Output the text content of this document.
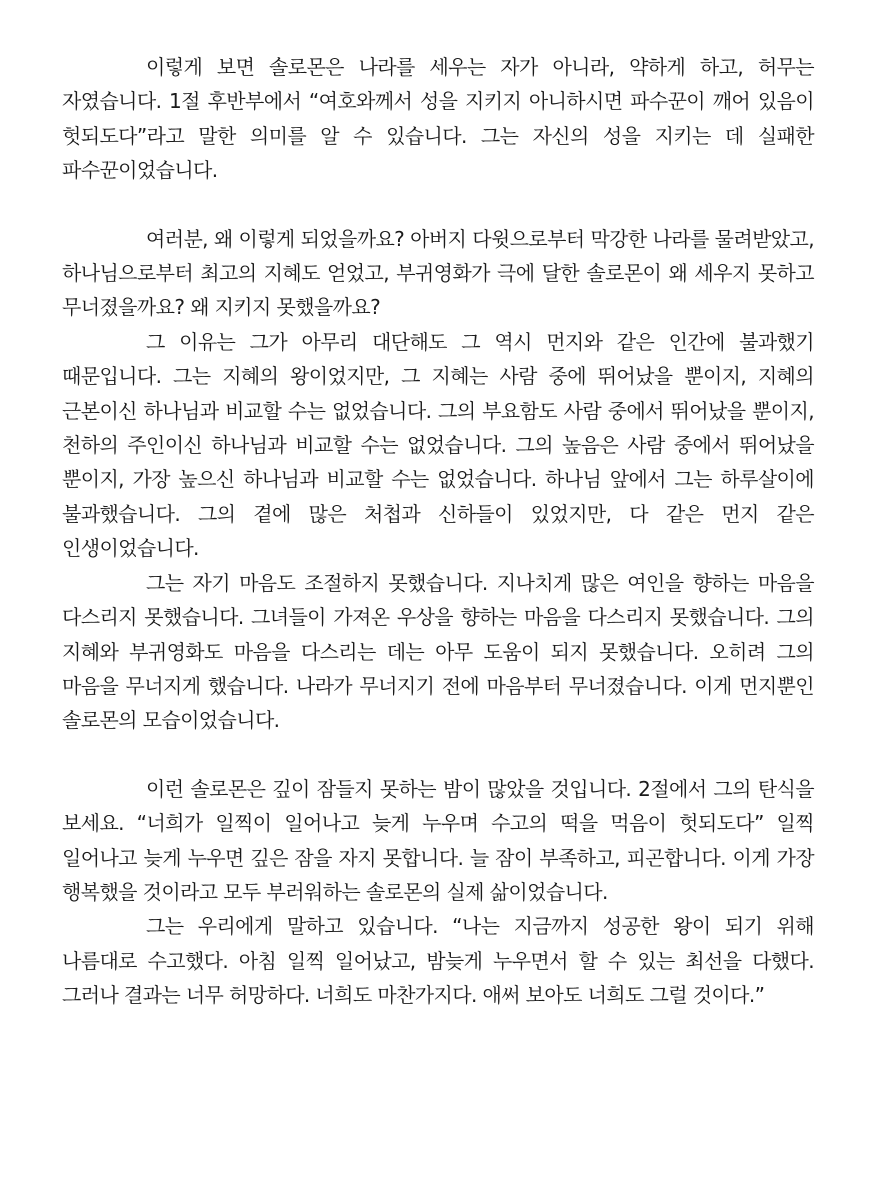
이렇게 보면 솔로몬은 나라를 세우는 자가 아니라, 약하게 하고, 허무는 자였습니다. 1절 후반부에서 “여호와께서 성을 지키지 아니하시면 파수꾼이 깨어 있음이 헛되도다”라고 말한 의미를 알 수 있습니다. 그는 자신의 성을 지키는 데 실패한 파수꾼이었습니다.

여러분, 왜 이렇게 되었을까요? 아버지 다윗으로부터 막강한 나라를 물려받았고, 하나님으로부터 최고의 지혜도 얻었고, 부귀영화가 극에 달한 솔로몬이 왜 세우지 못하고 무너졌을까요? 왜 지키지 못했을까요?

그 이유는 그가 아무리 대단해도 그 역시 먼지와 같은 인간에 불과했기 때문입니다. 그는 지혜의 왕이었지만, 그 지혜는 사람 중에 뛰어났을 뿐이지, 지혜의 근본이신 하나님과 비교할 수는 없었습니다. 그의 부요함도 사람 중에서 뛰어났을 뿐이지, 천하의 주인이신 하나님과 비교할 수는 없었습니다. 그의 높음은 사람 중에서 뛰어났을 뿐이지, 가장 높으신 하나님과 비교할 수는 없었습니다. 하나님 앞에서 그는 하루살이에 불과했습니다. 그의 곁에 많은 처첩과 신하들이 있었지만, 다 같은 먼지 같은 인생이었습니다.

그는 자기 마음도 조절하지 못했습니다. 지나치게 많은 여인을 향하는 마음을 다스리지 못했습니다. 그녀들이 가져온 우상을 향하는 마음을 다스리지 못했습니다. 그의 지혜와 부귀영화도 마음을 다스리는 데는 아무 도움이 되지 못했습니다. 오히려 그의 마음을 무너지게 했습니다. 나라가 무너지기 전에 마음부터 무너졌습니다. 이게 먼지뿐인 솔로몬의 모습이었습니다.

이런 솔로몬은 깊이 잠들지 못하는 밤이 많았을 것입니다. 2절에서 그의 탄식을 보세요. “너희가 일찍이 일어나고 늦게 누우며 수고의 떡을 먹음이 헛되도다” 일찍 일어나고 늦게 누우면 깊은 잠을 자지 못합니다. 늘 잠이 부족하고, 피곤합니다. 이게 가장 행복했을 것이라고 모두 부러워하는 솔로몬의 실제 삶이었습니다.

그는 우리에게 말하고 있습니다. “나는 지금까지 성공한 왕이 되기 위해 나름대로 수고했다. 아침 일찍 일어났고, 밤늦게 누우면서 할 수 있는 최선을 다했다. 그러나 결과는 너무 허망하다. 너희도 마찬가지다. 애써 보아도 너희도 그럴 것이다.”
